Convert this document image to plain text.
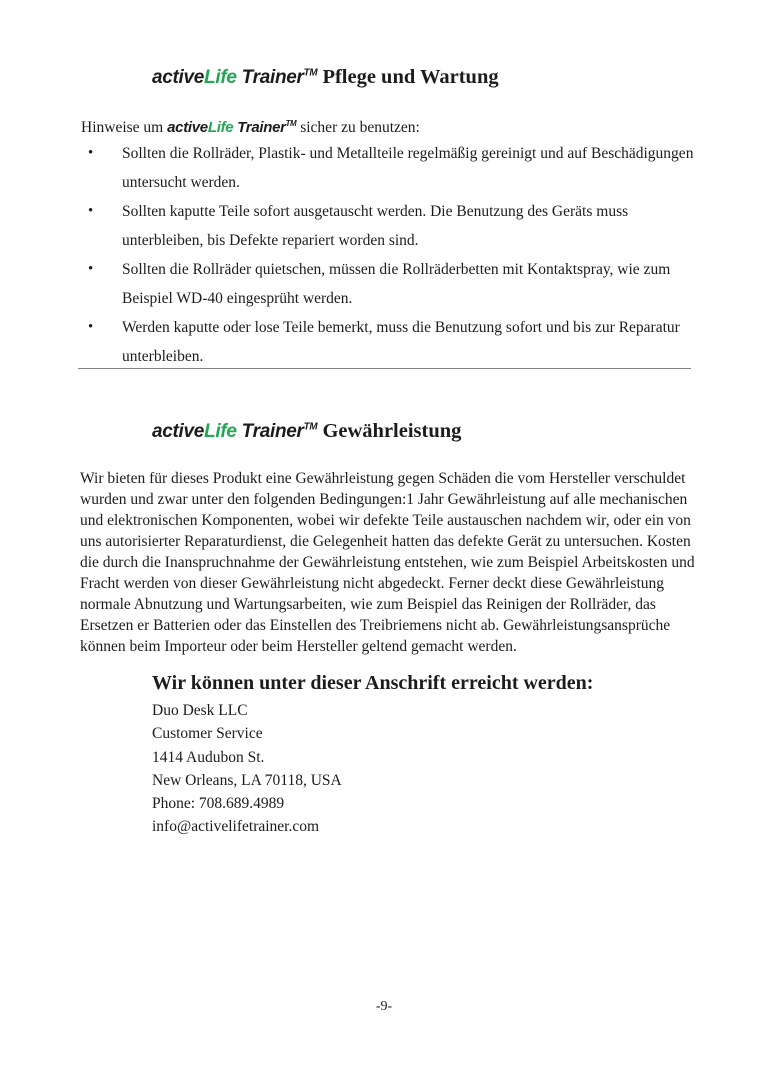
activeLife Trainer™ Pflege und Wartung

Hinweise um activeLife Trainer™ sicher zu benutzen:

• Sollten die Rollräder, Plastik- und Metallteile regelmäßig gereinigt und auf Beschädigungen untersucht werden.
• Sollten kaputte Teile sofort ausgetauscht werden. Die Benutzung des Geräts muss unterbleiben, bis Defekte repariert worden sind.
• Sollten die Rollräder quietschen, müssen die Rollräderbetten mit Kontaktspray, wie zum Beispiel WD-40 eingesprüht werden.
• Werden kaputte oder lose Teile bemerkt, muss die Benutzung sofort und bis zur Reparatur unterbleiben.
activeLife Trainer™ Gewährleistung

Wir bieten für dieses Produkt eine Gewährleistung gegen Schäden die vom Hersteller verschuldet wurden und zwar unter den folgenden Bedingungen:1 Jahr Gewährleistung auf alle mechanischen und elektronischen Komponenten, wobei wir defekte Teile austauschen nachdem wir, oder ein von uns autorisierter Reparaturdienst, die Gelegenheit hatten das defekte Gerät zu untersuchen. Kosten die durch die Inanspruchnahme der Gewährleistung entstehen, wie zum Beispiel Arbeitskosten und Fracht werden von dieser Gewährleistung nicht abgedeckt. Ferner deckt diese Gewährleistung normale Abnutzung und Wartungsarbeiten, wie zum Beispiel das Reinigen der Rollräder, das Ersetzen er Batterien oder das Einstellen des Treibriemens nicht ab. Gewährleistungsansprüche können beim Importeur oder beim Hersteller geltend gemacht werden.

Wir können unter dieser Anschrift erreicht werden:
Duo Desk LLC
Customer Service
1414 Audubon St.
New Orleans, LA 70118, USA
Phone: 708.689.4989
info@activelifetrainer.com
-9-
